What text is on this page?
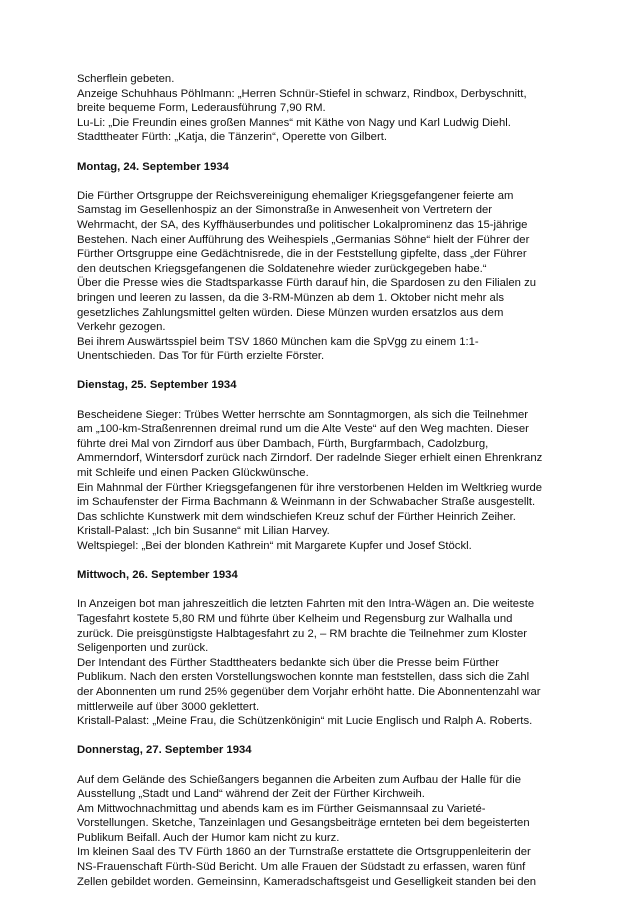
Scherflein gebeten.

Anzeige Schuhhaus Pöhlmann: „Herren Schnür-Stiefel in schwarz, Rindbox, Derbyschnitt,

breite bequeme Form, Lederausführung 7,90 RM.

Lu-Li: „Die Freundin eines großen Mannes“ mit Käthe von Nagy und Karl Ludwig Diehl.

Stadttheater Fürth: „Katja, die Tänzerin“, Operette von Gilbert.

Montag, 24. September 1934

Die Fürther Ortsgruppe der Reichsvereinigung ehemaliger Kriegsgefangener feierte am

Samstag im Gesellenhospiz an der Simonstraße in Anwesenheit von Vertretern der

Wehrmacht, der SA, des Kyffhäuserbundes und politischer Lokalprominenz das 15-jährige

Bestehen. Nach einer Aufführung des Weihespiels „Germanias Söhne“ hielt der Führer der

Fürther Ortsgruppe eine Gedächtnisrede, die in der Feststellung gipfelte, dass „der Führer

den deutschen Kriegsgefangenen die Soldatenehre wieder zurückgegeben habe.“

Über die Presse wies die Stadtsparkasse Fürth darauf hin, die Spardosen zu den Filialen zu

bringen und leeren zu lassen, da die 3-RM-Münzen ab dem 1. Oktober nicht mehr als

gesetzliches Zahlungsmittel gelten würden. Diese Münzen wurden ersatzlos aus dem

Verkehr gezogen.

Bei ihrem Auswärtsspiel beim TSV 1860 München kam die SpVgg zu einem 1:1-

Unentschieden. Das Tor für Fürth erzielte Förster.

Dienstag, 25. September 1934

Bescheidene Sieger: Trübes Wetter herrschte am Sonntagmorgen, als sich die Teilnehmer

am „100-km-Straßenrennen dreimal rund um die Alte Veste“ auf den Weg machten. Dieser

führte drei Mal von Zirndorf aus über Dambach, Fürth, Burgfarmbach, Cadolzburg,

Ammerndorf, Wintersdorf zurück nach Zirndorf. Der radelnde Sieger erhielt einen Ehrenkranz

mit Schleife und einen Packen Glückwünsche.

Ein Mahnmal der Fürther Kriegsgefangenen für ihre verstorbenen Helden im Weltkrieg wurde

im Schaufenster der Firma Bachmann & Weinmann in der Schwabacher Straße ausgestellt.

Das schlichte Kunstwerk mit dem windschiefen Kreuz schuf der Fürther Heinrich Zeiher.

Kristall-Palast: „Ich bin Susanne“ mit Lilian Harvey.

Weltspiegel: „Bei der blonden Kathrein“ mit Margarete Kupfer und Josef Stöckl.

Mittwoch, 26. September 1934

In Anzeigen bot man jahreszeitlich die letzten Fahrten mit den Intra-Wägen an. Die weiteste

Tagesfahrt kostete 5,80 RM und führte über Kelheim und Regensburg zur Walhalla und

zurück. Die preisgünstigste Halbtagesfahrt zu 2, – RM brachte die Teilnehmer zum Kloster

Seligenporten und zurück.

Der Intendant des Fürther Stadttheaters bedankte sich über die Presse beim Fürther

Publikum. Nach den ersten Vorstellungswochen konnte man feststellen, dass sich die Zahl

der Abonnenten um rund 25% gegenüber dem Vorjahr erhöht hatte. Die Abonnentenzahl war

mittlerweile auf über 3000 geklettert.

Kristall-Palast: „Meine Frau, die Schützenkönigin“ mit Lucie Englisch und Ralph A. Roberts.

Donnerstag, 27. September 1934

Auf dem Gelände des Schießangers begannen die Arbeiten zum Aufbau der Halle für die

Ausstellung „Stadt und Land“ während der Zeit der Fürther Kirchweih.

Am Mittwochnachmittag und abends kam es im Fürther Geismannsaal zu Varieté-

Vorstellungen. Sketche, Tanzeinlagen und Gesangsbeiträge ernteten bei dem begeisterten

Publikum Beifall. Auch der Humor kam nicht zu kurz.

Im kleinen Saal des TV Fürth 1860 an der Turnstraße erstattete die Ortsgruppenleiterin der

NS-Frauenschaft Fürth-Süd Bericht. Um alle Frauen der Südstadt zu erfassen, waren fünf

Zellen gebildet worden. Gemeinsinn, Kameradschaftsgeist und Geselligkeit standen bei den
